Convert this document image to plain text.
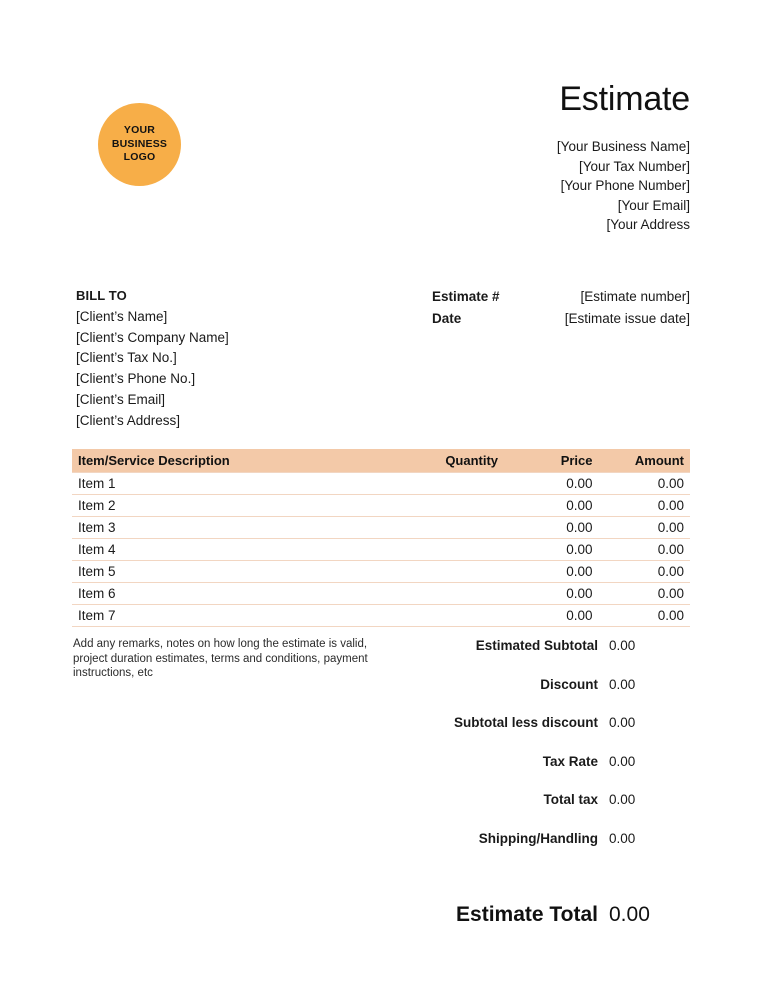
YOUR
BUSINESS
LOGO
Estimate
[Your Business Name]
[Your Tax Number]
[Your Phone Number]
[Your Email]
[Your Address
BILL TO
[Client’s Name]
[Client’s Company Name]
[Client’s Tax No.]
[Client’s Phone No.]
[Client’s Email]
[Client’s Address]
Estimate #	[Estimate number]
Date	[Estimate issue date]
Item/Service Description	Quantity	Price	Amount
Item 1		0.00	0.00
Item 2		0.00	0.00
Item 3		0.00	0.00
Item 4		0.00	0.00
Item 5		0.00	0.00
Item 6		0.00	0.00
Item 7		0.00	0.00
Add any remarks, notes on how long the estimate is valid, project duration estimates, terms and conditions, payment instructions, etc
Estimated Subtotal 0.00
Discount 0.00
Subtotal less discount 0.00
Tax Rate 0.00
Total tax 0.00
Shipping/Handling 0.00
Estimate Total 0.00
